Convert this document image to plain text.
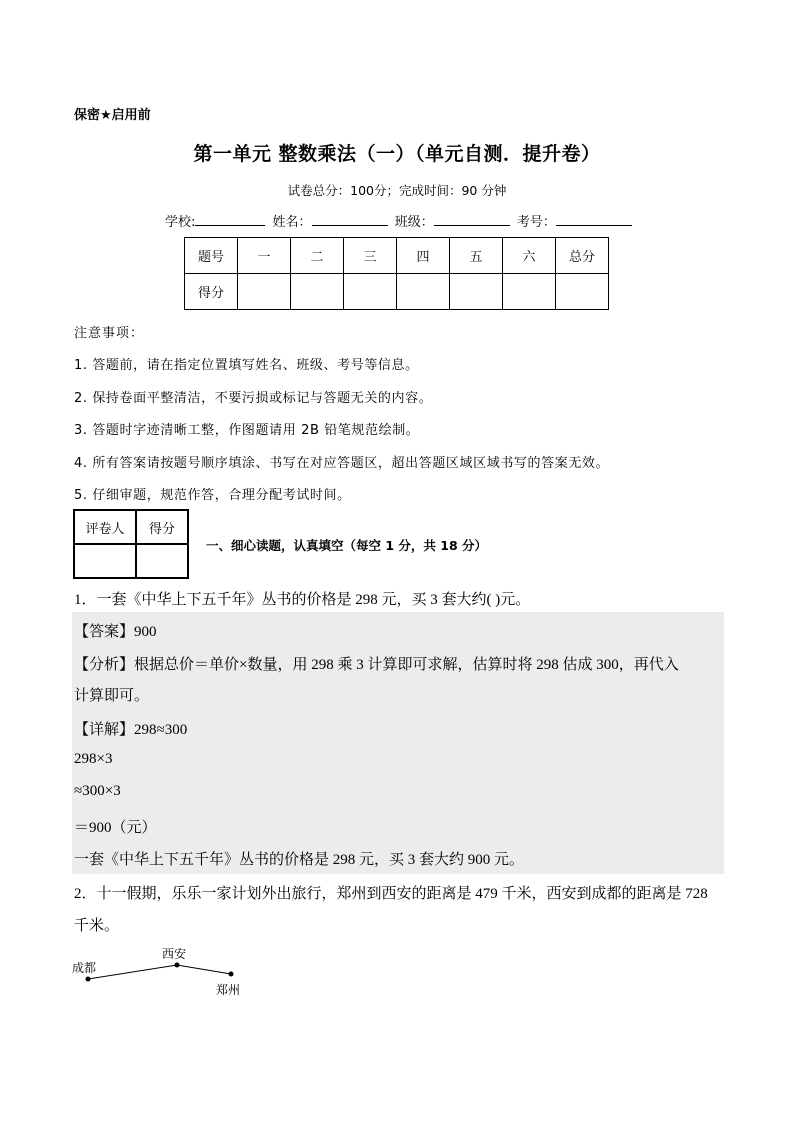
保密★启用前
第一单元 整数乘法（一）（单元自测．提升卷）
试卷总分：100分；完成时间：90 分钟
学校:	姓名：	班级：	考号：
题号	一	二	三	四	五	六	总分
得分							
注意事项：
1. 答题前，请在指定位置填写姓名、班级、考号等信息。
2. 保持卷面平整清洁，不要污损或标记与答题无关的内容。
3. 答题时字迹清晰工整，作图题请用 2B 铅笔规范绘制。
4. 所有答案请按题号顺序填涂、书写在对应答题区，超出答题区域区域书写的答案无效。
5. 仔细审题，规范作答，合理分配考试时间。
评卷人	得分

一、细心读题，认真填空（每空 1 分，共 18 分）
1．一套《中华上下五千年》丛书的价格是 298 元，买 3 套大约( )元。
【答案】900
【分析】根据总价＝单价×数量，用 298 乘 3 计算即可求解，估算时将 298 估成 300，再代入
计算即可。
【详解】298≈300
298×3
≈300×3
＝900（元）
一套《中华上下五千年》丛书的价格是 298 元，买 3 套大约 900 元。
2．十一假期，乐乐一家计划外出旅行，郑州到西安的距离是 479 千米，西安到成都的距离是 728
千米。
成都
西安
郑州
